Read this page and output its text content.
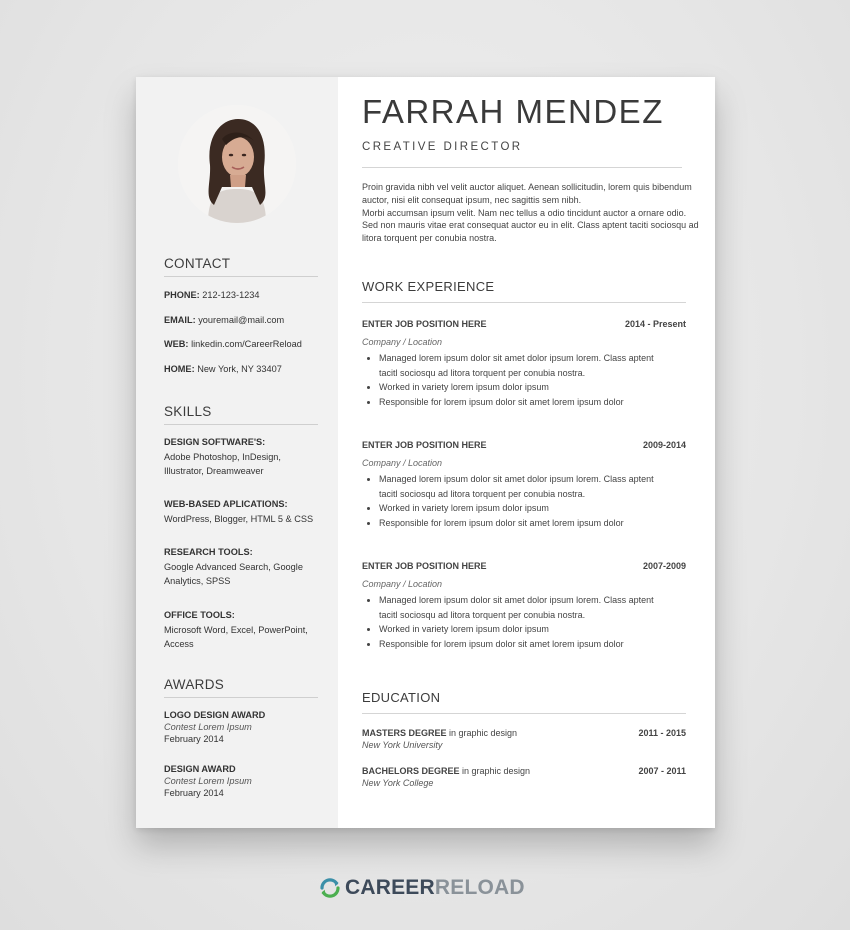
CONTACT
PHONE: 212-123-1234
EMAIL: youremail@mail.com
WEB: linkedin.com/CareerReload
HOME: New York, NY 33407
SKILLS
DESIGN SOFTWARE'S:
Adobe Photoshop, InDesign,
Illustrator, Dreamweaver
WEB-BASED APLICATIONS:
WordPress, Blogger, HTML 5 & CSS
RESEARCH TOOLS:
Google Advanced Search, Google
Analytics, SPSS
OFFICE TOOLS:
Microsoft Word, Excel, PowerPoint,
Access
AWARDS
LOGO DESIGN AWARD
Contest Lorem Ipsum
February 2014
DESIGN AWARD
Contest Lorem Ipsum
February 2014
FARRAH MENDEZ
CREATIVE DIRECTOR

Proin gravida nibh vel velit auctor aliquet. Aenean sollicitudin, lorem quis bibendum auctor, nisi elit consequat ipsum, nec sagittis sem nibh.

Morbi accumsan ipsum velit. Nam nec tellus a odio tincidunt auctor a ornare odio. Sed non mauris vitae erat consequat auctor eu in elit. Class aptent taciti sociosqu ad litora torquent per conubia nostra.

WORK EXPERIENCE
ENTER JOB POSITION HERE	2014 - Present
Company / Location
• Managed lorem ipsum dolor sit amet dolor ipsum lorem. Class aptent
tacitl sociosqu ad litora torquent per conubia nostra.
• Worked in variety lorem ipsum dolor ipsum
• Responsible for lorem ipsum dolor sit amet lorem ipsum dolor
ENTER JOB POSITION HERE	2009-2014
Company / Location
• Managed lorem ipsum dolor sit amet dolor ipsum lorem. Class aptent
tacitl sociosqu ad litora torquent per conubia nostra.
• Worked in variety lorem ipsum dolor ipsum
• Responsible for lorem ipsum dolor sit amet lorem ipsum dolor
ENTER JOB POSITION HERE	2007-2009
Company / Location
• Managed lorem ipsum dolor sit amet dolor ipsum lorem. Class aptent
tacitl sociosqu ad litora torquent per conubia nostra.
• Worked in variety lorem ipsum dolor ipsum
• Responsible for lorem ipsum dolor sit amet lorem ipsum dolor
EDUCATION
MASTERS DEGREE in graphic design	2011 - 2015
New York University
BACHELORS DEGREE in graphic design	2007 - 2011
New York College
CAREERRELOAD
